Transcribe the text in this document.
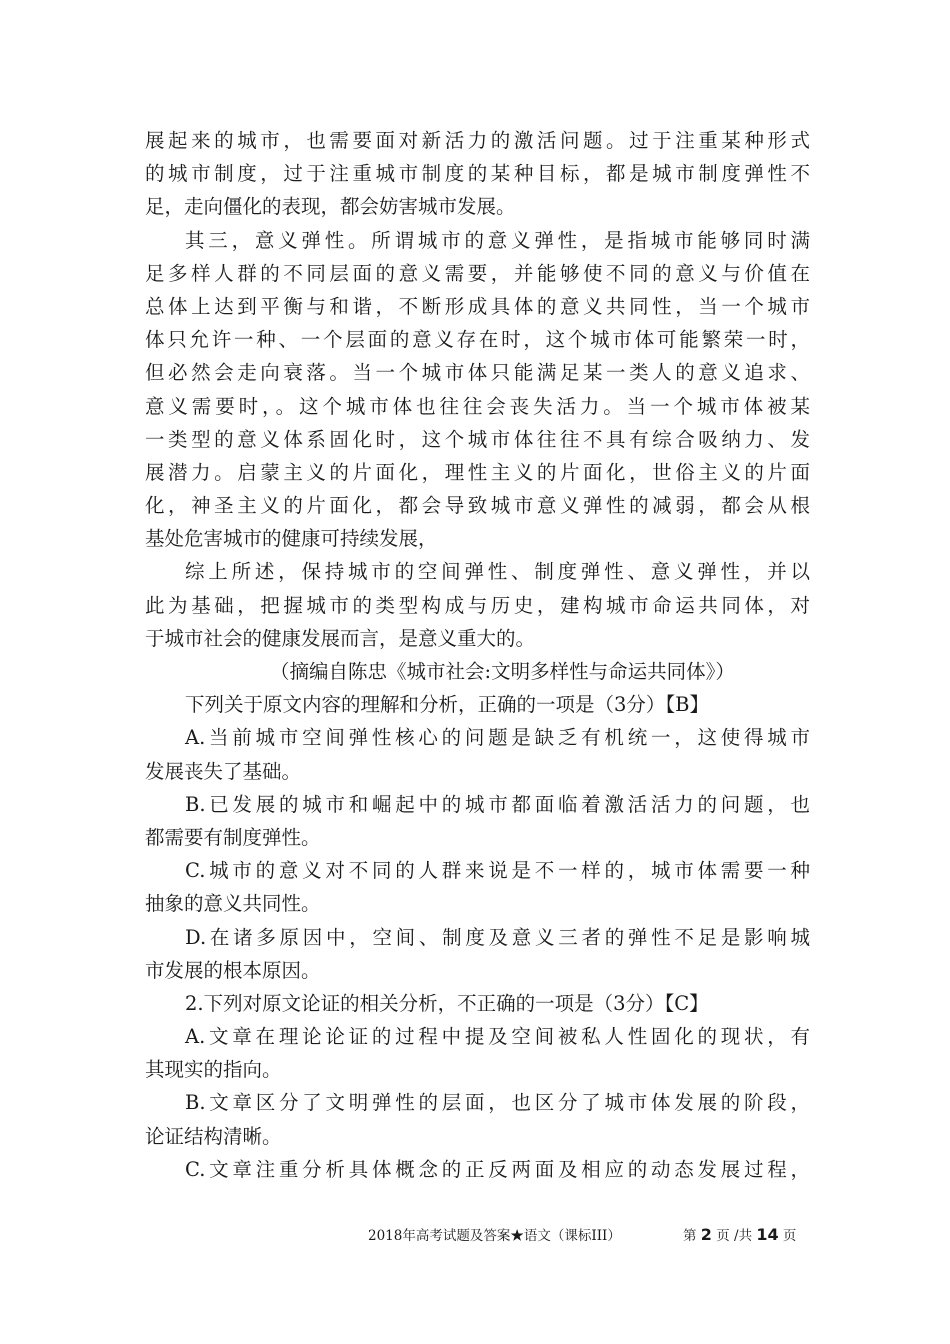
展起来的城市，也需要面对新活力的激活问题。过于注重某种形式
的城市制度，过于注重城市制度的某种目标，都是城市制度弹性不
足，走向僵化的表现，都会妨害城市发展。
其三，意义弹性。所谓城市的意义弹性，是指城市能够同时满
足多样人群的不同层面的意义需要，并能够使不同的意义与价值在
总体上达到平衡与和谐，不断形成具体的意义共同性，当一个城市
体只允许一种、一个层面的意义存在时，这个城市体可能繁荣一时，
但必然会走向衰落。当一个城市体只能满足某一类人的意义追求、
意义需要时，。这个城市体也往往会丧失活力。当一个城市体被某
一类型的意义体系固化时，这个城市体往往不具有综合吸纳力、发
展潜力。启蒙主义的片面化，理性主义的片面化，世俗主义的片面
化，神圣主义的片面化，都会导致城市意义弹性的减弱，都会从根
基处危害城市的健康可持续发展，
综上所述，保持城市的空间弹性、制度弹性、意义弹性，并以
此为基础，把握城市的类型构成与历史，建构城市命运共同体，对
于城市社会的健康发展而言，是意义重大的。
（摘编自陈忠《城市社会:文明多样性与命运共同体》）
下列关于原文内容的理解和分析，正确的一项是（3分）【B】
A.当前城市空间弹性核心的问题是缺乏有机统一，这使得城市
发展丧失了基础。
B.已发展的城市和崛起中的城市都面临着激活活力的问题，也
都需要有制度弹性。
C.城市的意义对不同的人群来说是不一样的，城市体需要一种
抽象的意义共同性。
D.在诸多原因中，空间、制度及意义三者的弹性不足是影响城
市发展的根本原因。
2.下列对原文论证的相关分析，不正确的一项是（3分）【C】
A.文章在理论论证的过程中提及空间被私人性固化的现状，有
其现实的指向。
B.文章区分了文明弹性的层面，也区分了城市体发展的阶段，
论证结构清晰。
C.文章注重分析具体概念的正反两面及相应的动态发展过程，
2018年高考试题及答案★语文（课标III）	第 2 页 /共 14 页
